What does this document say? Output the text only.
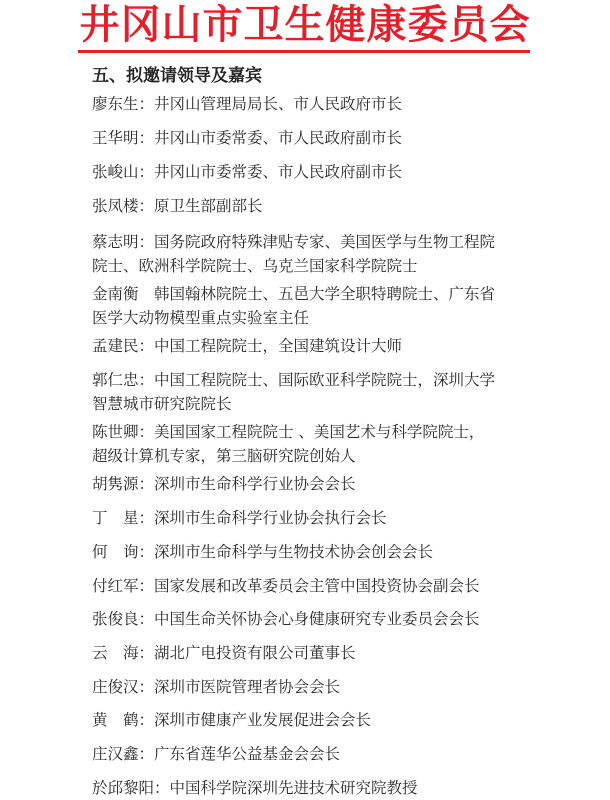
井冈山市卫生健康委员会
五、拟邀请领导及嘉宾
廖东生：井冈山管理局局长、市人民政府市长
王华明：井冈山市委常委、市人民政府副市长
张峻山：井冈山市委常委、市人民政府副市长
张凤楼：原卫生部副部长
蔡志明：国务院政府特殊津贴专家、美国医学与生物工程院
院士、欧洲科学院院士、乌克兰国家科学院院士
金南衡　韩国翰林院院士、五邑大学全职特聘院士、广东省
医学大动物模型重点实验室主任
孟建民：中国工程院院士，全国建筑设计大师
郭仁忠：中国工程院院士、国际欧亚科学院院士，深圳大学
智慧城市研究院院长
陈世卿：美国国家工程院院士 、美国艺术与科学院院士，
超级计算机专家，第三脑研究院创始人
胡隽源：深圳市生命科学行业协会会长
丁　星：深圳市生命科学行业协会执行会长
何　询：深圳市生命科学与生物技术协会创会会长
付红军：国家发展和改革委员会主管中国投资协会副会长
张俊良：中国生命关怀协会心身健康研究专业委员会会长
云　海：湖北广电投资有限公司董事长
庄俊汉：深圳市医院管理者协会会长
黄　鹤：深圳市健康产业发展促进会会长
庄汉鑫：广东省莲华公益基金会会长
於邱黎阳：中国科学院深圳先进技术研究院教授
